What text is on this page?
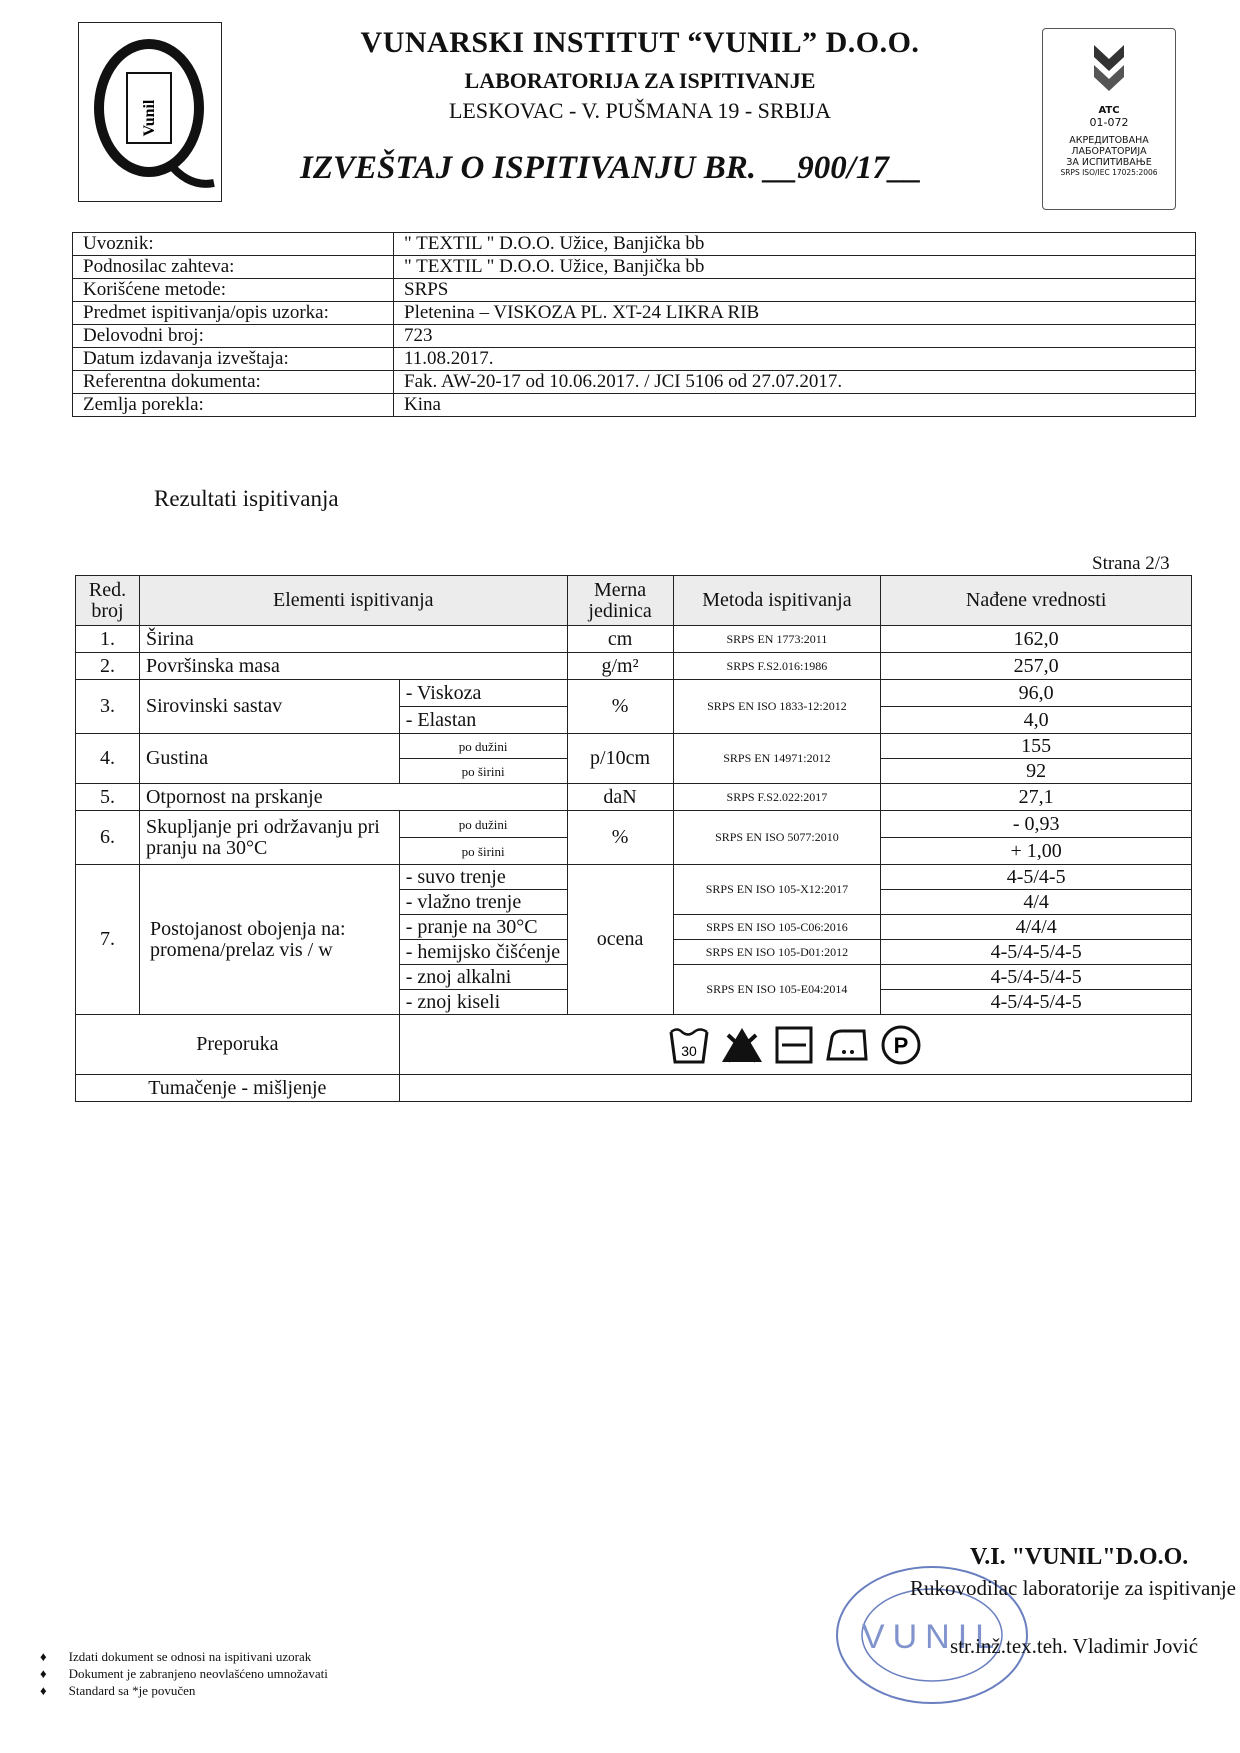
Vunil
VUNARSKI INSTITUT “VUNIL” D.O.O.
LABORATORIJA ZA ISPITIVANJE
LESKOVAC - V. PUŠMANA 19 - SRBIJA
IZVEŠTAJ O ISPITIVANJU BR. __900/17__
ATC
01-072
АКРЕДИТОВАНА
ЛАБОРАТОРИЈА
ЗА ИСПИТИВАЊЕ
SRPS ISO/IEC 17025:2006
Uvoznik:	" TEXTIL " D.O.O. Užice, Banjička bb
Podnosilac zahteva:	" TEXTIL " D.O.O. Užice, Banjička bb
Korišćene metode:	SRPS
Predmet ispitivanja/opis uzorka:	Pletenina – VISKOZA PL. XT-24 LIKRA RIB
Delovodni broj:	723
Datum izdavanja izveštaja:	11.08.2017.
Referentna dokumenta:	Fak. AW-20-17 od 10.06.2017. / JCI 5106 od 27.07.2017.
Zemlja porekla:	Kina
Rezultati ispitivanja
Strana 2/3
Red. broj	Elementi ispitivanja		Merna jedinica	Metoda ispitivanja	Nađene vrednosti
1.	Širina		cm	SRPS EN 1773:2011	162,0
2.	Površinska masa		g/m²	SRPS F.S2.016:1986	257,0
3.	Sirovinski sastav	- Viskoza	%	SRPS EN ISO 1833-12:2012	96,0
		- Elastan			4,0
4.	Gustina	po dužini	p/10cm	SRPS EN 14971:2012	155
		po širini			92
5.	Otpornost na prskanje		daN	SRPS F.S2.022:2017	27,1
6.	Skupljanje pri održavanju pri pranju na 30°C	po dužini	%	SRPS EN ISO 5077:2010	- 0,93
		po širini			+ 1,00
7.	Postojanost obojenja na: promena/prelaz vis / w	- suvo trenje	ocena	SRPS EN ISO 105-X12:2017	4-5/4-5
		- vlažno trenje			4/4
		- pranje na 30°C		SRPS EN ISO 105-C06:2016	4/4/4
		- hemijsko čišćenje		SRPS EN ISO 105-D01:2012	4-5/4-5/4-5
		- znoj alkalni		SRPS EN ISO 105-E04:2014	4-5/4-5/4-5
		- znoj kiseli			4-5/4-5/4-5
Preporuka		30 P			

Tumačenje - mišljenje					
VUNIL
V.I. "VUNIL"D.O.O.
Rukovodilac laboratorije za ispitivanje
str.inž.tex.teh. Vladimir Jović
♦ Izdati dokument se odnosi na ispitivani uzorak
♦ Dokument je zabranjeno neovlašćeno umnožavati
♦ Standard sa *je povučen
